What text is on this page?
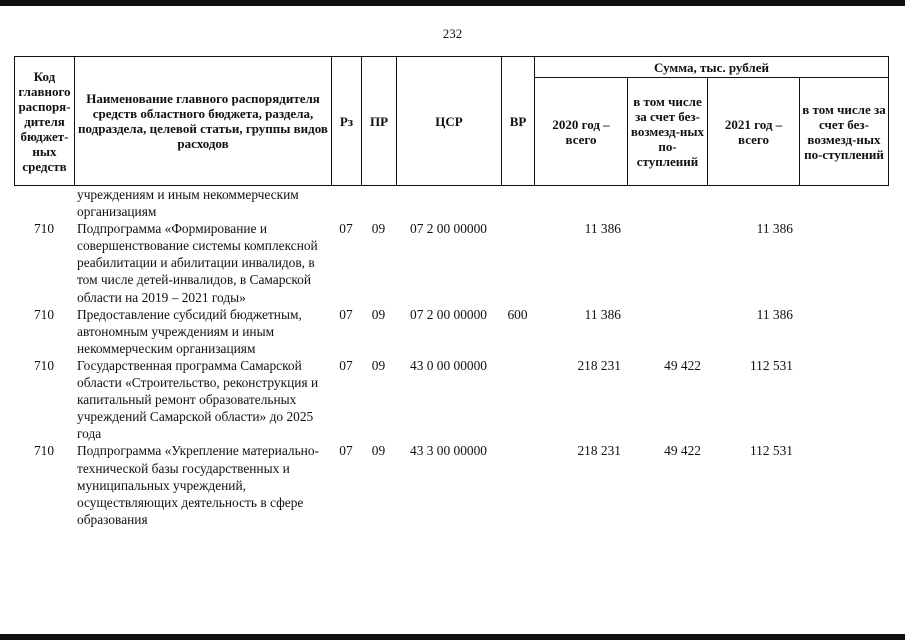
232
Код главного распоря-дителя бюджет-ных средств	Наименование главного распорядителя средств областного бюджета, раздела, подраздела, целевой статьи, группы видов расходов	Рз	ПР	ЦСР	ВР	Сумма, тыс. рублей			
						2020 год – всего	в том числе за счет без-возмезд-ных по-ступлений	2021 год – всего	в том числе за счет без-возмезд-ных по-ступлений
	учреждениям и иным некоммерческим организациям								
710	Подпрограмма «Формирование и совершенствование системы комплексной реабилитации и абилитации инвалидов, в том числе детей-инвалидов, в Самарской области на 2019 – 2021 годы»	07	09	07 2 00 00000		11 386		11 386	
710	Предоставление субсидий бюджетным, автономным учреждениям и иным некоммерческим организациям	07	09	07 2 00 00000	600	11 386		11 386	
710	Государственная программа Самарской области «Строительство, реконструкция и капитальный ремонт образовательных учреждений Самарской области» до 2025 года	07	09	43 0 00 00000		218 231	49 422	112 531	
710	Подпрограмма «Укрепление материально-технической базы государственных и муниципальных учреждений, осуществляющих деятельность в сфере образования	07	09	43 3 00 00000		218 231	49 422	112 531	
